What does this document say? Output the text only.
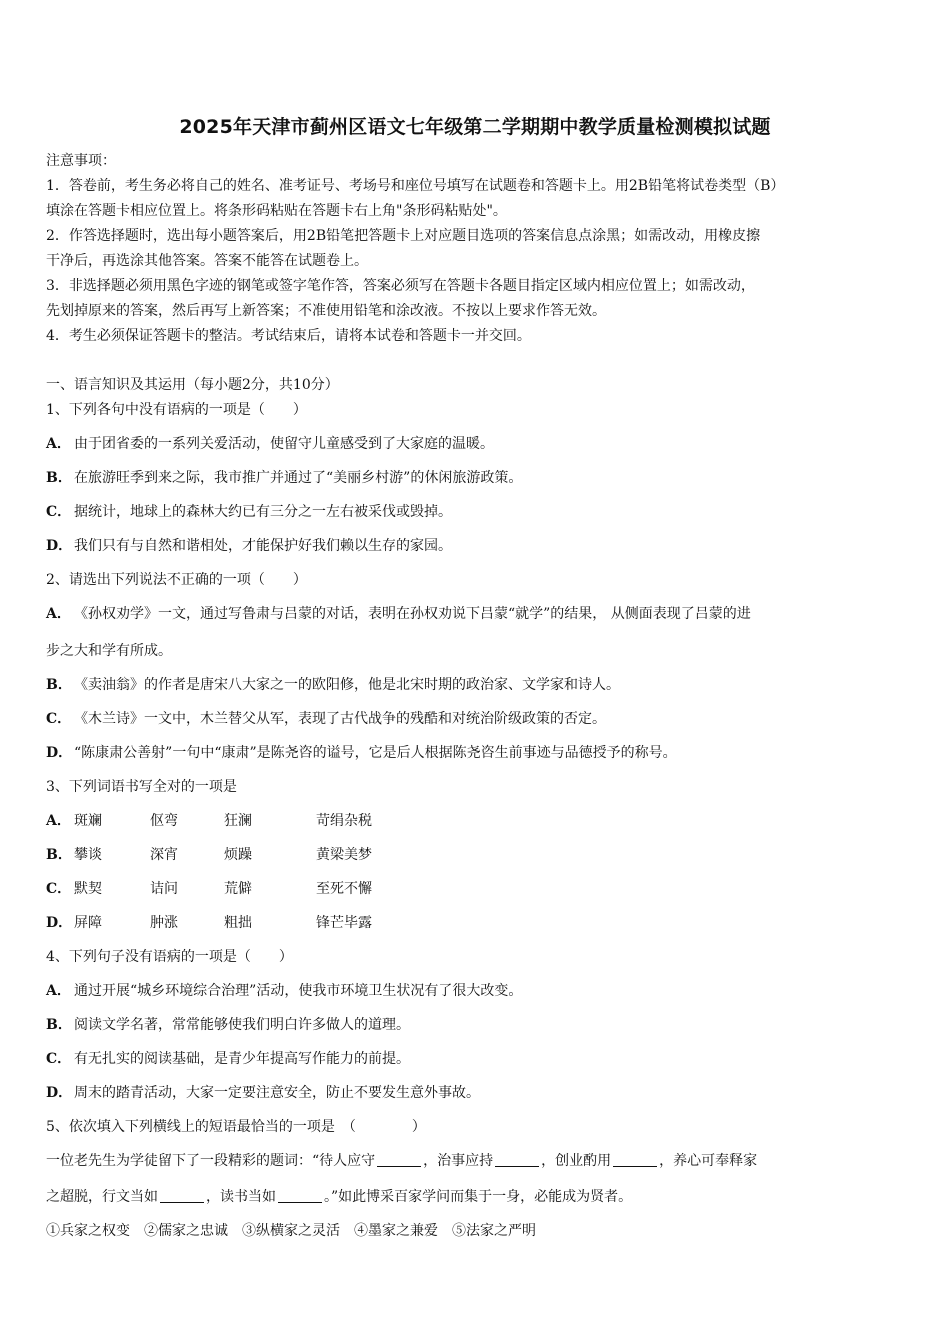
2025年天津市蓟州区语文七年级第二学期期中教学质量检测模拟试题
注意事项：
1．答卷前，考生务必将自己的姓名、准考证号、考场号和座位号填写在试题卷和答题卡上。用2B铅笔将试卷类型（B）
填涂在答题卡相应位置上。将条形码粘贴在答题卡右上角"条形码粘贴处"。
2．作答选择题时，选出每小题答案后，用2B铅笔把答题卡上对应题目选项的答案信息点涂黑；如需改动，用橡皮擦
干净后，再选涂其他答案。答案不能答在试题卷上。
3．非选择题必须用黑色字迹的钢笔或签字笔作答，答案必须写在答题卡各题目指定区域内相应位置上；如需改动，
先划掉原来的答案，然后再写上新答案；不准使用铅笔和涂改液。不按以上要求作答无效。
4．考生必须保证答题卡的整洁。考试结束后，请将本试卷和答题卡一并交回。
一、语言知识及其运用（每小题2分，共10分）
1、下列各句中没有语病的一项是（　　）
A． 由于团省委的一系列关爱活动，使留守儿童感受到了大家庭的温暖。
B． 在旅游旺季到来之际，我市推广并通过了“美丽乡村游”的休闲旅游政策。
C． 据统计，地球上的森林大约已有三分之一左右被采伐或毁掉。
D． 我们只有与自然和谐相处，才能保护好我们赖以生存的家园。
2、请选出下列说法不正确的一项（　　）
A． 《孙权劝学》一文，通过写鲁肃与吕蒙的对话，表明在孙权劝说下吕蒙“就学”的结果， 从侧面表现了吕蒙的进
步之大和学有所成。
B． 《卖油翁》的作者是唐宋八大家之一的欧阳修，他是北宋时期的政治家、文学家和诗人。
C． 《木兰诗》一文中，木兰替父从军，表现了古代战争的残酷和对统治阶级政策的否定。
D． “陈康肃公善射”一句中“康肃”是陈尧咨的谥号，它是后人根据陈尧咨生前事迹与品德授予的称号。
3、下列词语书写全对的一项是
A． 斑斓	伛弯	狂澜	苛绢杂税
B． 攀谈	深宵	烦躁	黄梁美梦
C． 默契	诘问	荒僻	至死不懈
D． 屏障	肿涨	粗拙	锋芒毕露
4、下列句子没有语病的一项是（　　）
A． 通过开展“城乡环境综合治理”活动，使我市环境卫生状况有了很大改变。
B． 阅读文学名著，常常能够使我们明白许多做人的道理。
C． 有无扎实的阅读基础，是青少年提高写作能力的前提。
D． 周末的踏青活动，大家一定要注意安全，防止不要发生意外事故。
5、依次填入下列横线上的短语最恰当的一项是　（　　　　）
一位老先生为学徒留下了一段精彩的题词：“待人应守	，治事应持	，创业酌用	，养心可奉释家
之超脱，行文当如	，读书当如	。”如此博采百家学问而集于一身，必能成为贤者。
①兵家之权变　②儒家之忠诚　③纵横家之灵活　④墨家之兼爱　⑤法家之严明
